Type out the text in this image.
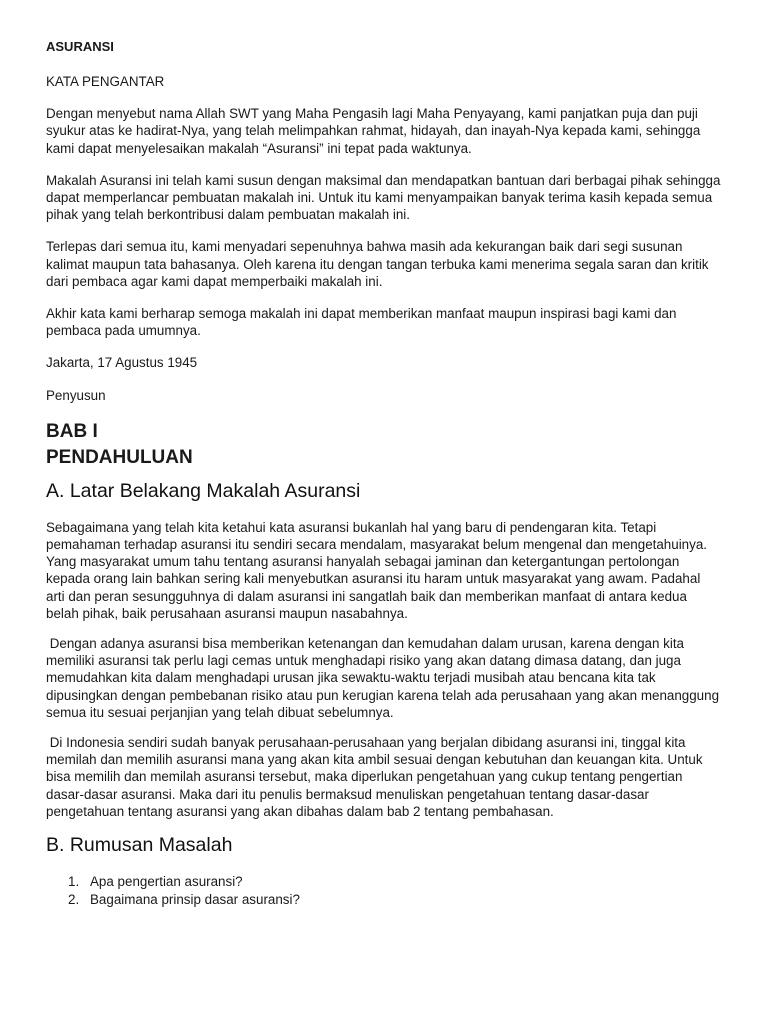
ASURANSI
KATA PENGANTAR
Dengan menyebut nama Allah SWT yang Maha Pengasih lagi Maha Penyayang, kami panjatkan puja dan puji syukur atas ke hadirat-Nya, yang telah melimpahkan rahmat, hidayah, dan inayah-Nya kepada kami, sehingga kami dapat menyelesaikan makalah “Asuransi” ini tepat pada waktunya.
Makalah Asuransi ini telah kami susun dengan maksimal dan mendapatkan bantuan dari berbagai pihak sehingga dapat memperlancar pembuatan makalah ini. Untuk itu kami menyampaikan banyak terima kasih kepada semua pihak yang telah berkontribusi dalam pembuatan makalah ini.
Terlepas dari semua itu, kami menyadari sepenuhnya bahwa masih ada kekurangan baik dari segi susunan kalimat maupun tata bahasanya. Oleh karena itu dengan tangan terbuka kami menerima segala saran dan kritik dari pembaca agar kami dapat memperbaiki makalah ini.
Akhir kata kami berharap semoga makalah ini dapat memberikan manfaat maupun inspirasi bagi kami dan pembaca pada umumnya.
Jakarta, 17 Agustus 1945
Penyusun
BAB I
PENDAHULUAN
A. Latar Belakang Makalah Asuransi
Sebagaimana yang telah kita ketahui kata asuransi bukanlah hal yang baru di pendengaran kita. Tetapi pemahaman terhadap asuransi itu sendiri secara mendalam, masyarakat belum mengenal dan mengetahuinya. Yang masyarakat umum tahu tentang asuransi hanyalah sebagai jaminan dan ketergantungan pertolongan kepada orang lain bahkan sering kali menyebutkan asuransi itu haram untuk masyarakat yang awam. Padahal arti dan peran sesungguhnya di dalam asuransi ini sangatlah baik dan memberikan manfaat di antara kedua belah pihak, baik perusahaan asuransi maupun nasabahnya.
Dengan adanya asuransi bisa memberikan ketenangan dan kemudahan dalam urusan, karena dengan kita memiliki asuransi tak perlu lagi cemas untuk menghadapi risiko yang akan datang dimasa datang, dan juga memudahkan kita dalam menghadapi urusan jika sewaktu-waktu terjadi musibah atau bencana kita tak dipusingkan dengan pembebanan risiko atau pun kerugian karena telah ada perusahaan yang akan menanggung semua itu sesuai perjanjian yang telah dibuat sebelumnya.
Di Indonesia sendiri sudah banyak perusahaan-perusahaan yang berjalan dibidang asuransi ini, tinggal kita memilah dan memilih asuransi mana yang akan kita ambil sesuai dengan kebutuhan dan keuangan kita. Untuk bisa memilih dan memilah asuransi tersebut, maka diperlukan pengetahuan yang cukup tentang pengertian dasar-dasar asuransi. Maka dari itu penulis bermaksud menuliskan pengetahuan tentang dasar-dasar pengetahuan tentang asuransi yang akan dibahas dalam bab 2 tentang pembahasan.
B. Rumusan Masalah
1. Apa pengertian asuransi?
2. Bagaimana prinsip dasar asuransi?
